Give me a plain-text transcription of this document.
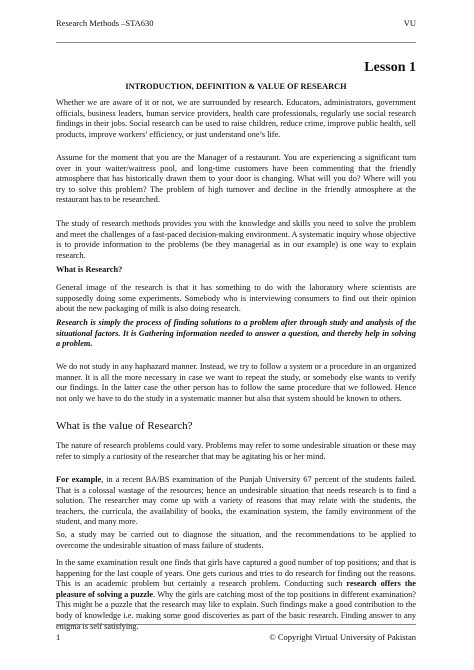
Research Methods –STA630	VU
Lesson 1
INTRODUCTION, DEFINITION & VALUE OF RESEARCH

Whether we are aware of it or not, we are surrounded by research. Educators, administrators, government officials, business leaders, human service providers, health care professionals, regularly use social research findings in their jobs. Social research can be used to raise children, reduce crime, improve public health, sell products, improve workers’ efficiency, or just understand one’s life.

Assume for the moment that you are the Manager of a restaurant. You are experiencing a significant turn over in your waiter/waitress pool, and long-time customers have been commenting that the friendly atmosphere that has historically drawn them to your door is changing. What will you do? Where will you try to solve this problem? The problem of high turnover and decline in the friendly atmosphere at the restaurant has to be researched.

The study of research methods provides you with the knowledge and skills you need to solve the problem and meet the challenges of a fast-paced decision-making environment. A systematic inquiry whose objective is to provide information to the problems (be they managerial as in our example) is one way to explain research.

What is Research?

General image of the research is that it has something to do with the laboratory where scientists are supposedly doing some experiments. Somebody who is interviewing consumers to find out their opinion about the new packaging of milk is also doing research.

Research is simply the process of finding solutions to a problem after through study and analysis of the situational factors. It is Gathering information needed to answer a question, and thereby help in solving a problem.

We do not study in any haphazard manner. Instead, we try to follow a system or a procedure in an organized manner. It is all the more necessary in case we want to repeat the study, or somebody else wants to verify our findings. In the latter case the other person has to follow the same procedure that we followed. Hence not only we have to do the study in a systematic manner but also that system should be known to others.

What is the value of Research?

The nature of research problems could vary. Problems may refer to some undesirable situation or these may refer to simply a curiosity of the researcher that may be agitating his or her mind.

For example, in a recent BA/BS examination of the Punjab University 67 percent of the students failed. That is a colossal wastage of the resources; hence an undesirable situation that needs research is to find a solution. The researcher may come up with a variety of reasons that may relate with the students, the teachers, the curricula, the availability of books, the examination system, the family environment of the student, and many more.

So, a study may be carried out to diagnose the situation, and the recommendations to be applied to overcome the undesirable situation of mass failure of students.

In the same examination result one finds that girls have captured a good number of top positions; and that is happening for the last couple of years. One gets curious and tries to do research for finding out the reasons. This is an academic problem but certainly a research problem. Conducting such research offers the pleasure of solving a puzzle. Why the girls are catching most of the top positions in different examination? This might be a puzzle that the research may like to explain. Such findings make a good contribution to the body of knowledge i.e. making some good discoveries as part of the basic research. Finding answer to any enigma is self satisfying.

1	© Copyright Virtual University of Pakistan
